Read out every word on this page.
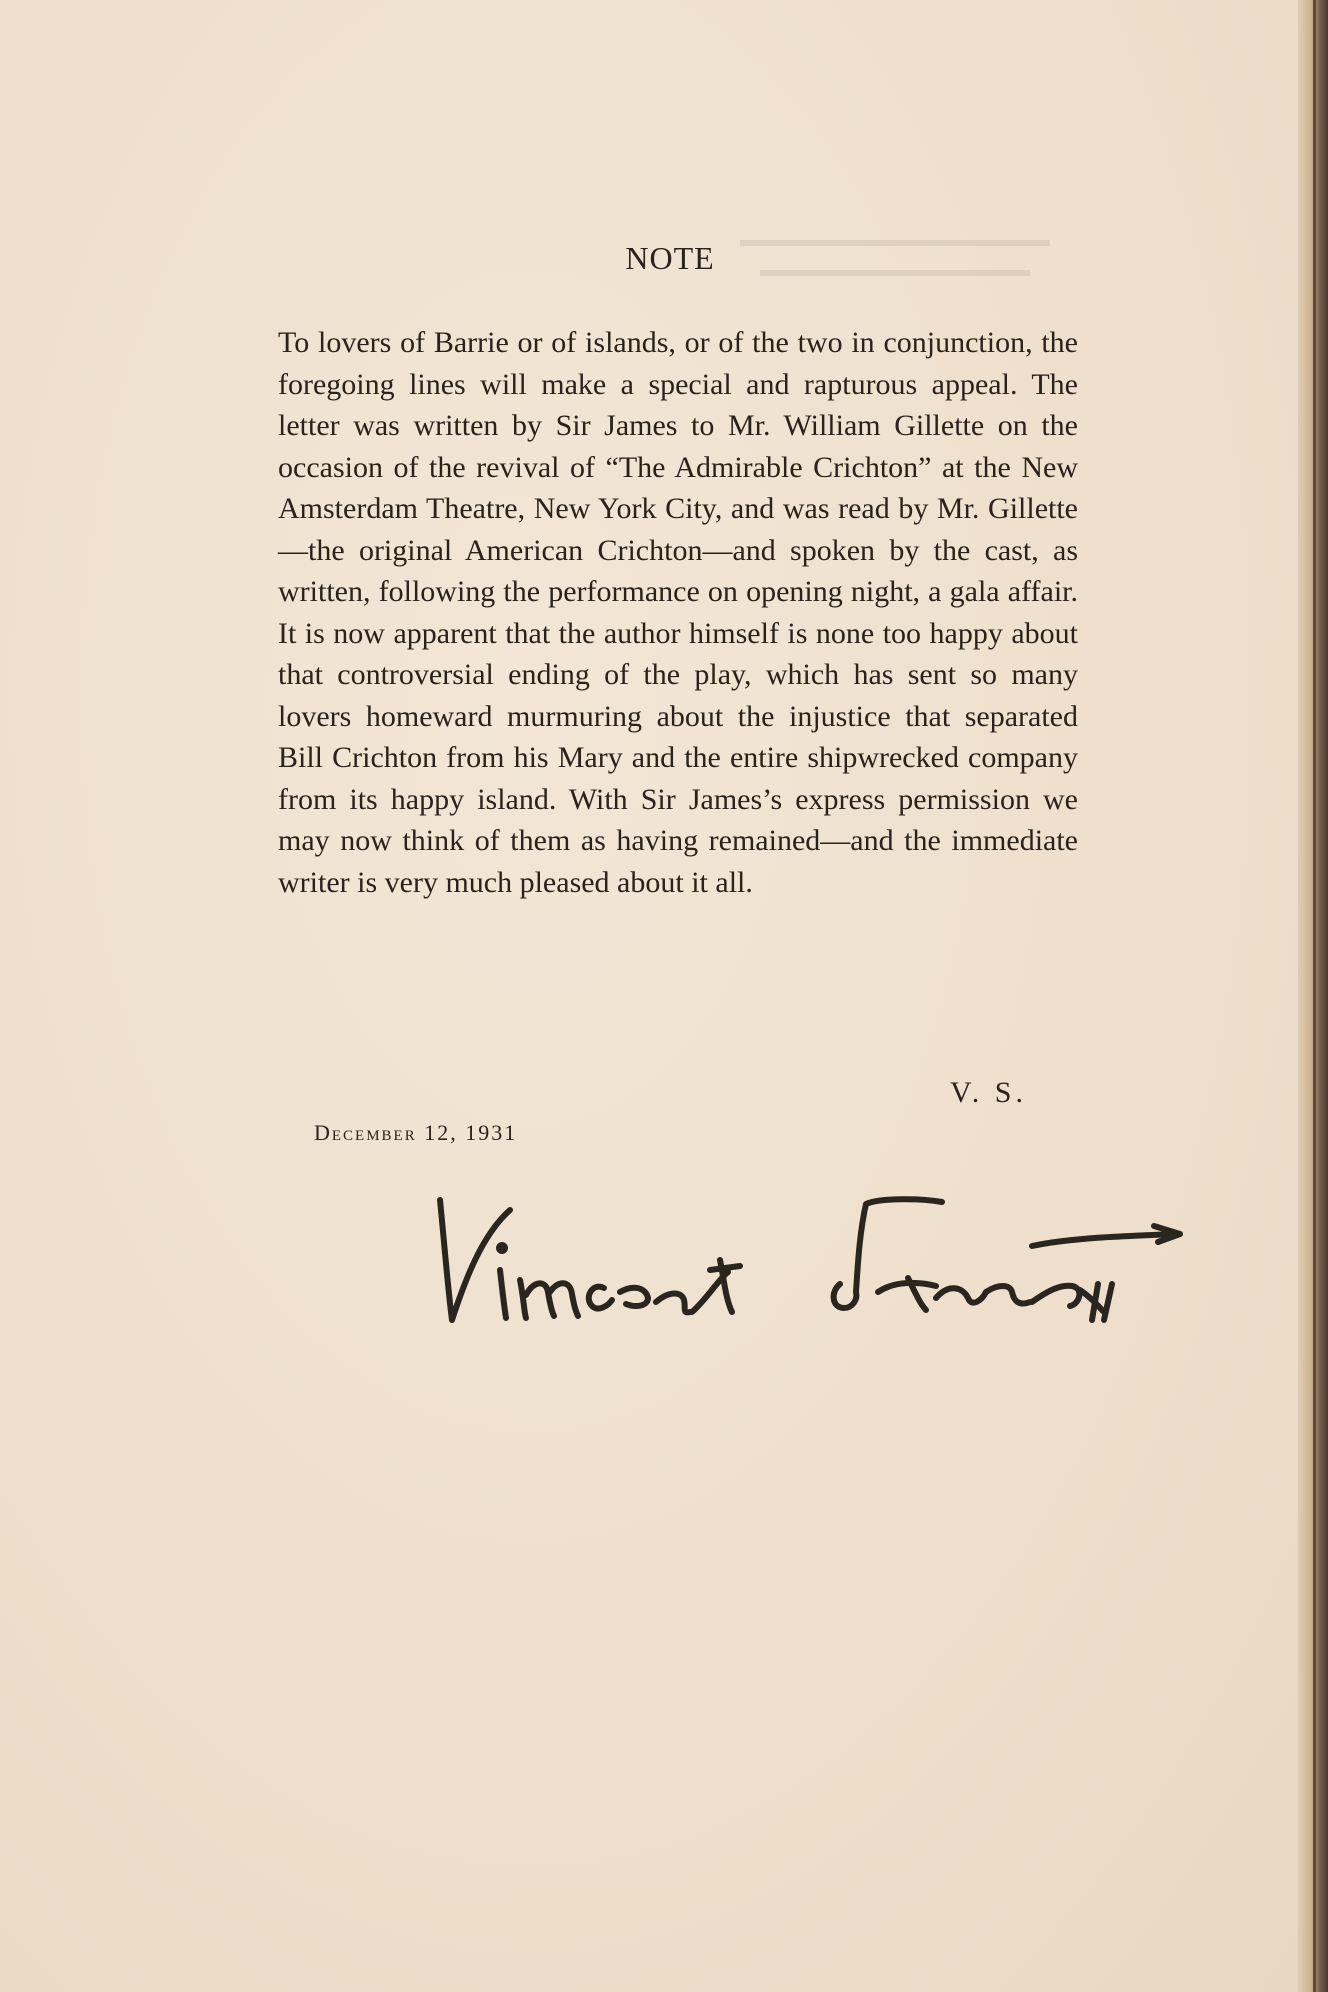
NOTE

To lovers of Barrie or of islands, or of the two in conjunction, the foregoing lines will make a special and rapturous appeal. The letter was written by Sir James to Mr. William Gillette on the occasion of the revival of “The Admirable Crichton” at the New Amsterdam Theatre, New York City, and was read by Mr. Gillette—the original American Crichton—and spoken by the cast, as written, following the performance on opening night, a gala affair. It is now apparent that the author himself is none too happy about that controversial ending of the play, which has sent so many lovers homeward murmuring about the injustice that separated Bill Crichton from his Mary and the entire shipwrecked company from its happy island. With Sir James’s express permission we may now think of them as having remained—and the immediate writer is very much pleased about it all.

V. S.
December 12, 1931
